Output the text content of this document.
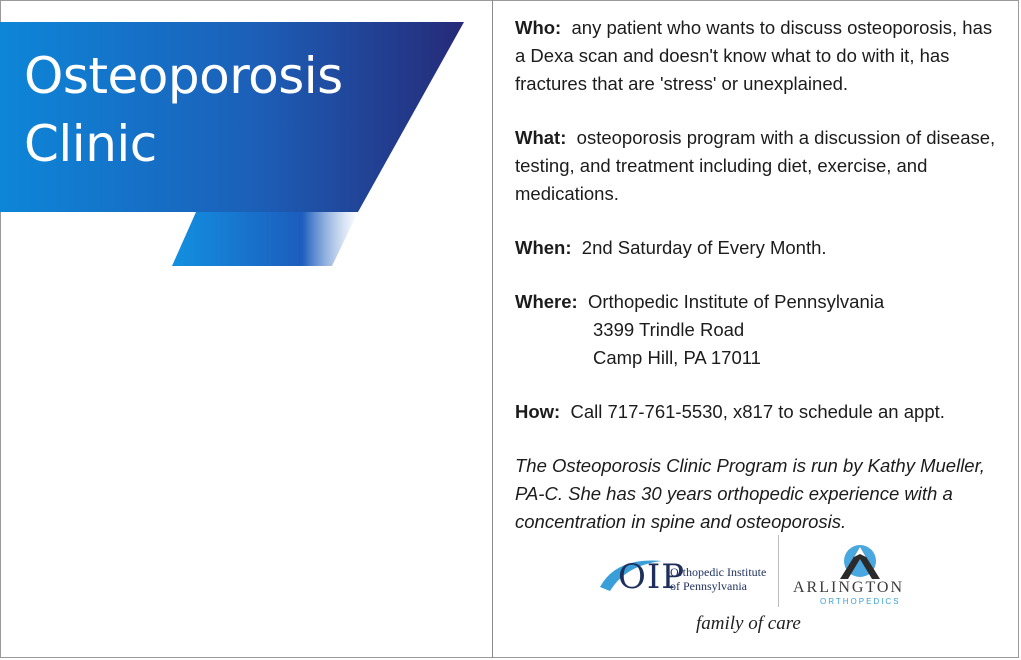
Osteoporosis
Clinic
Who: any patient who wants to discuss osteoporosis, has a Dexa scan and doesn't know what to do with it, has fractures that are 'stress' or unexplained.
What: osteoporosis program with a discussion of disease, testing, and treatment including diet, exercise, and medications.
When: 2nd Saturday of Every Month.
Where: Orthopedic Institute of Pennsylvania
3399 Trindle Road
Camp Hill, PA 17011
How: Call 717-761-5530, x817 to schedule an appt.
The Osteoporosis Clinic Program is run by Kathy Mueller, PA-C. She has 30 years orthopedic experience with a concentration in spine and osteoporosis.
OIP
Orthopedic Institute
of Pennsylvania	ARLINGTON
ORTHOPEDICS
family of care
